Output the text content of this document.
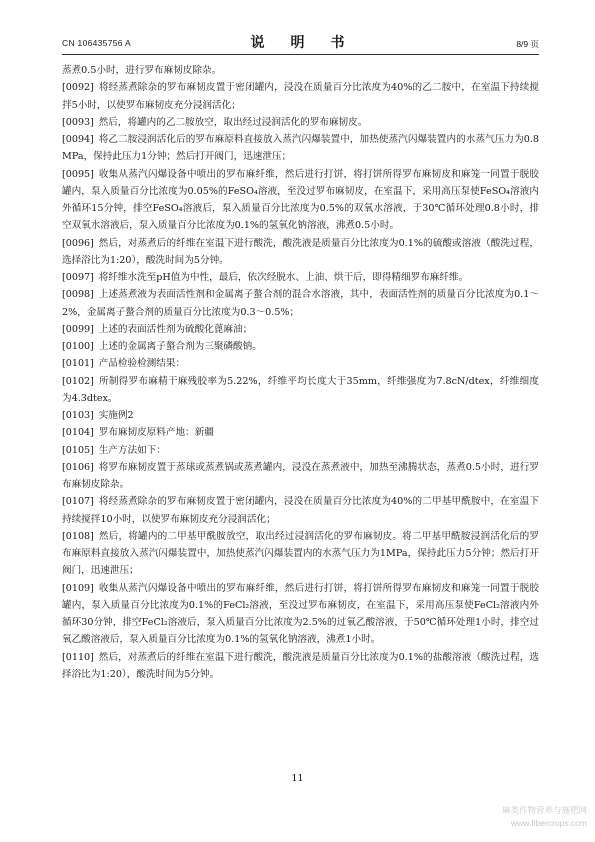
CN 106435756 A	说　明　书	8/9 页

蒸煮0.5小时，进行罗布麻韧皮除杂。

[0092] 将经蒸煮除杂的罗布麻韧皮置于密闭罐内，浸没在质量百分比浓度为40%的乙二胺中，在室温下持续搅拌5小时，以使罗布麻韧皮充分浸润活化；

[0093] 然后，将罐内的乙二胺放空，取出经过浸润活化的罗布麻韧皮。

[0094] 将乙二胺浸润活化后的罗布麻原料直接放入蒸汽闪爆装置中，加热使蒸汽闪爆装置内的水蒸气压力为0.8MPa，保持此压力1分钟；然后打开阀门，迅速泄压；

[0095] 收集从蒸汽闪爆设备中喷出的罗布麻纤维，然后进行打饼，将打饼所得罗布麻韧皮和麻笼一同置于脱胶罐内，泵入质量百分比浓度为0.05%的FeSO₄溶液，至没过罗布麻韧皮，在室温下，采用高压泵使FeSO₄溶液内外循环15分钟，排空FeSO₄溶液后，泵入质量百分比浓度为0.5%的双氧水溶液，于30℃循环处理0.8小时，排空双氧水溶液后，泵入质量百分比浓度为0.1%的氢氧化钠溶液，沸煮0.5小时。

[0096] 然后，对蒸煮后的纤维在室温下进行酸洗，酸洗液是质量百分比浓度为0.1%的硫酸或溶液（酸洗过程，选择浴比为1:20），酸洗时间为5分钟。

[0097] 将纤维水洗至pH值为中性，最后，依次经脱水、上油、烘干后，即得精细罗布麻纤维。

[0098] 上述蒸煮液为表面活性剂和金属离子螯合剂的混合水溶液，其中，表面活性剂的质量百分比浓度为0.1～2%，金属离子螯合剂的质量百分比浓度为0.3～0.5%；

[0099] 上述的表面活性剂为硫酸化蓖麻油；

[0100] 上述的金属离子螯合剂为三聚磷酸钠。

[0101] 产品检验检测结果：

[0102] 所制得罗布麻精干麻残胶率为5.22%，纤维平均长度大于35mm，纤维强度为7.8cN/dtex，纤维细度为4.3dtex。

[0103] 实施例2

[0104] 罗布麻韧皮原料产地：新疆

[0105] 生产方法如下：

[0106] 将罗布麻韧皮置于蒸球或蒸煮锅或蒸煮罐内，浸没在蒸煮液中，加热至沸腾状态，蒸煮0.5小时，进行罗布麻韧皮除杂。

[0107] 将经蒸煮除杂的罗布麻韧皮置于密闭罐内，浸没在质量百分比浓度为40%的二甲基甲酰胺中，在室温下持续搅拌10小时，以使罗布麻韧皮充分浸润活化；

[0108] 然后，将罐内的二甲基甲酰胺放空，取出经过浸润活化的罗布麻韧皮。将二甲基甲酰胺浸润活化后的罗布麻原料直接放入蒸汽闪爆装置中，加热使蒸汽闪爆装置内的水蒸气压力为1MPa，保持此压力5分钟；然后打开阀门，迅速泄压；

[0109] 收集从蒸汽闪爆设备中喷出的罗布麻纤维，然后进行打饼，将打饼所得罗布麻韧皮和麻笼一同置于脱胶罐内，泵入质量百分比浓度为0.1%的FeCl₂溶液，至没过罗布麻韧皮，在室温下，采用高压泵使FeCl₂溶液内外循环30分钟，排空FeCl₂溶液后，泵入质量百分比浓度为2.5%的过氧乙酸溶液，于50℃循环处理1小时，排空过氧乙酸溶液后，泵入质量百分比浓度为0.1%的氢氧化钠溶液，沸煮1小时。

[0110] 然后，对蒸煮后的纤维在室温下进行酸洗，酸洗液是质量百分比浓度为0.1%的盐酸溶液（酸洗过程，选择浴比为1:20），酸洗时间为5分钟。

11
麻类作物营养与施肥网
www.fibercrops.com
